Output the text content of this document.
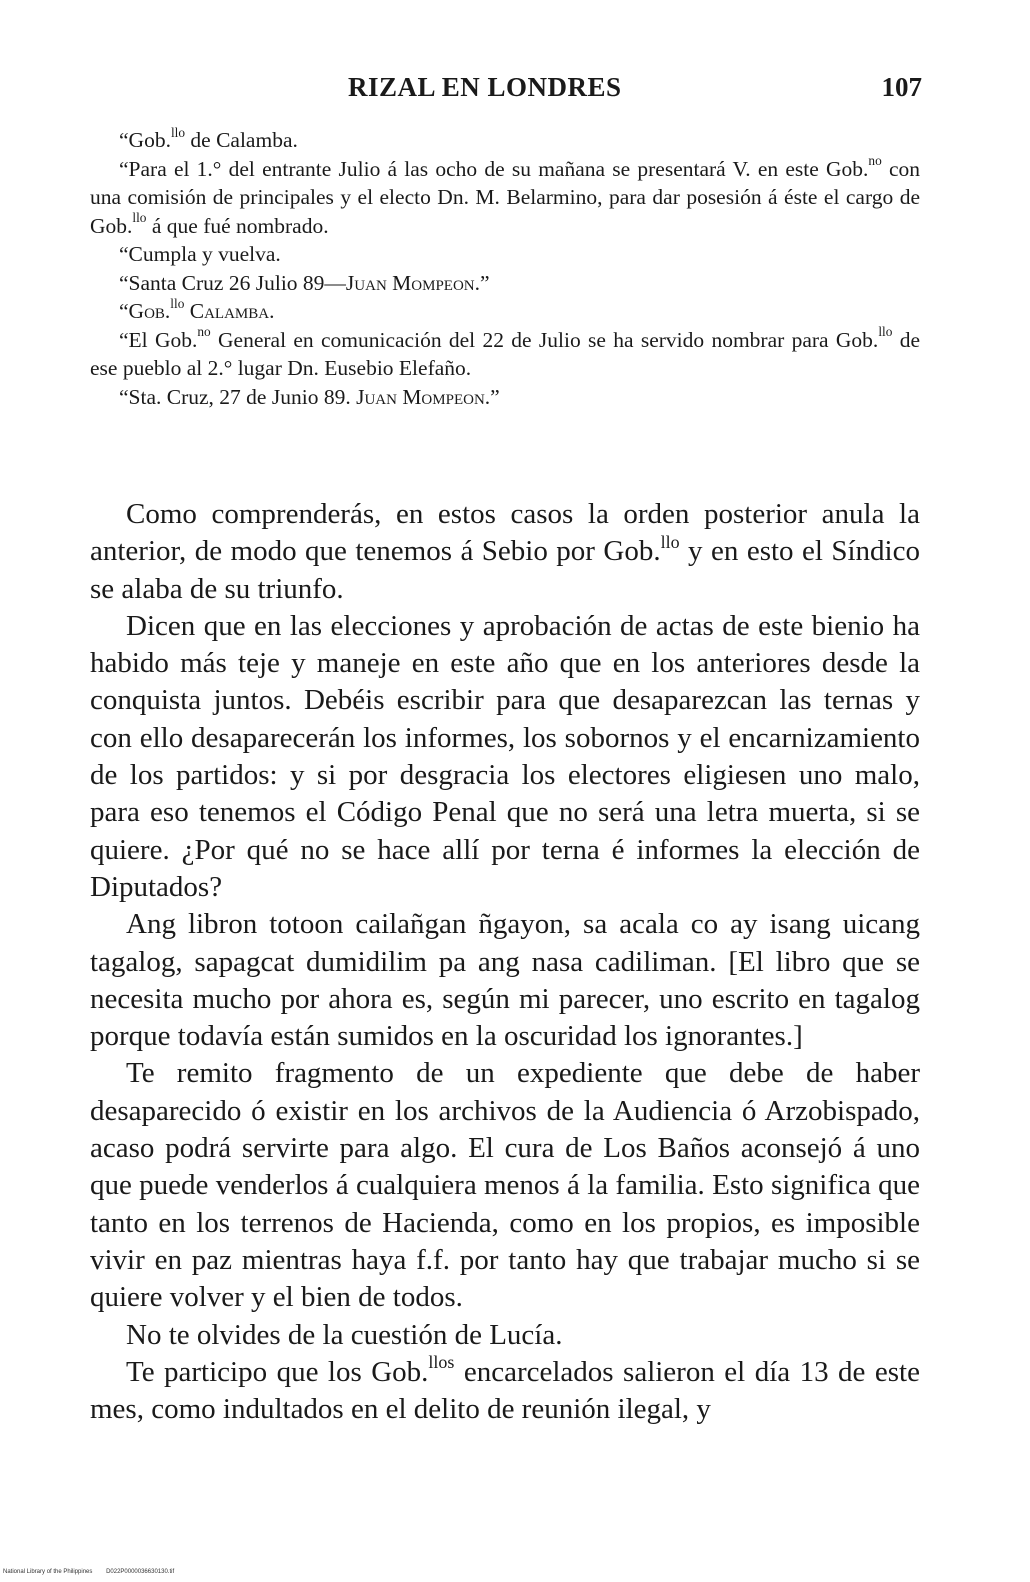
RIZAL EN LONDRES	107

“Gob.$^{llo}$ de Calamba.

“Para el 1.° del entrante Julio á las ocho de su mañana se presentará V. en este Gob.$^{no}$ con una comisión de principales y el electo Dn. M. Belarmino, para dar posesión á éste el cargo de Gob.$^{llo}$ á que fué nombrado.

“Cumpla y vuelva.

“Santa Cruz 26 Julio 89—Juan Mompeon.”

“Gob.$^{llo}$ Calamba.

“El Gob.$^{no}$ General en comunicación del 22 de Julio se ha servido nombrar para Gob.$^{llo}$ de ese pueblo al 2.° lugar Dn. Eusebio Elefaño.

“Sta. Cruz, 27 de Junio 89. Juan Mompeon.”

Como comprenderás, en estos casos la orden posterior anula la anterior, de modo que tenemos á Sebio por Gob.$^{llo}$ y en esto el Síndico se alaba de su triunfo.

Dicen que en las elecciones y aprobación de actas de este bienio ha habido más teje y maneje en este año que en los anteriores desde la conquista juntos. Debéis escribir para que desaparezcan las ternas y con ello desaparecerán los informes, los sobornos y el encarnizamiento de los partidos: y si por desgracia los electores eligiesen uno malo, para eso tenemos el Código Penal que no será una letra muerta, si se quiere. ¿Por qué no se hace allí por terna é informes la elección de Diputados?

Ang libron totoon cailañgan ñgayon, sa acala co ay isang uicang tagalog, sapagcat dumidilim pa ang nasa cadiliman. [El libro que se necesita mucho por ahora es, según mi parecer, uno escrito en tagalog porque todavía están sumidos en la oscuridad los ignorantes.]

Te remito fragmento de un expediente que debe de haber desaparecido ó existir en los archivos de la Audiencia ó Arzobispado, acaso podrá servirte para algo. El cura de Los Baños aconsejó á uno que puede venderlos á cualquiera menos á la familia. Esto significa que tanto en los terrenos de Hacienda, como en los propios, es imposible vivir en paz mientras haya f.f. por tanto hay que trabajar mucho si se quiere volver y el bien de todos.

No te olvides de la cuestión de Lucía.

Te participo que los Gob.$^{llos}$ encarcelados salieron el día 13 de este mes, como indultados en el delito de reunión ilegal, y

National Library of the Philippines D022P0000036630130.tif
